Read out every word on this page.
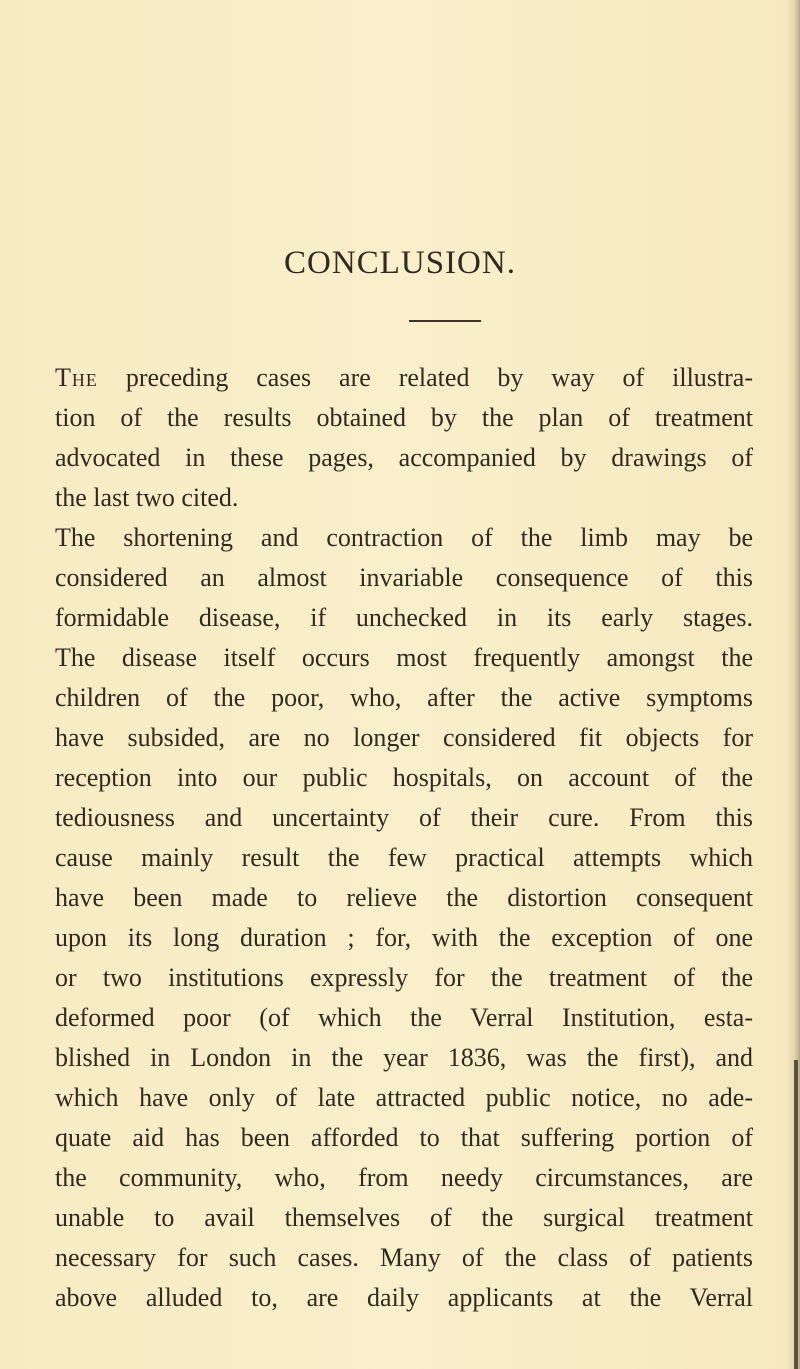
CONCLUSION.
The preceding cases are related by way of illustra-
tion of the results obtained by the plan of treatment
advocated in these pages, accompanied by drawings of
the last two cited.
The shortening and contraction of the limb may be
considered an almost invariable consequence of this
formidable disease, if unchecked in its early stages.
The disease itself occurs most frequently amongst the
children of the poor, who, after the active symptoms
have subsided, are no longer considered fit objects for
reception into our public hospitals, on account of the
tediousness and uncertainty of their cure. From this
cause mainly result the few practical attempts which
have been made to relieve the distortion consequent
upon its long duration ; for, with the exception of one
or two institutions expressly for the treatment of the
deformed poor (of which the Verral Institution, esta-
blished in London in the year 1836, was the first), and
which have only of late attracted public notice, no ade-
quate aid has been afforded to that suffering portion of
the community, who, from needy circumstances, are
unable to avail themselves of the surgical treatment
necessary for such cases. Many of the class of patients
above alluded to, are daily applicants at the Verral
